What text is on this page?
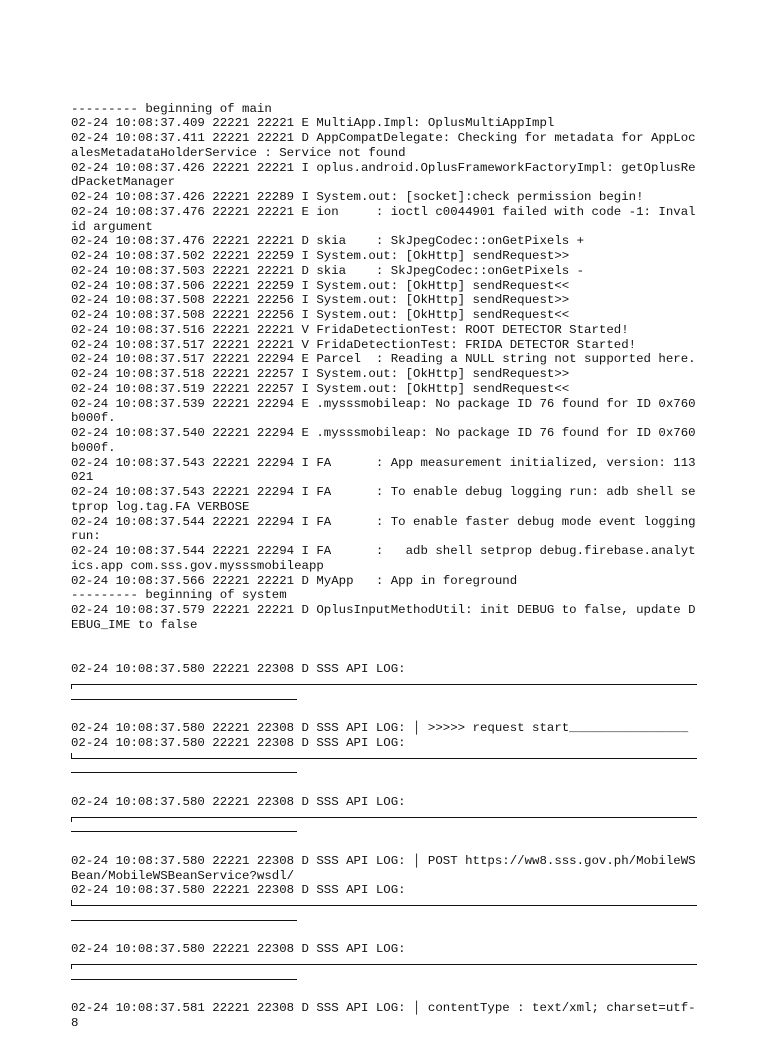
--------- beginning of main
02-24 10:08:37.409 22221 22221 E MultiApp.Impl: OplusMultiAppImpl
02-24 10:08:37.411 22221 22221 D AppCompatDelegate: Checking for metadata for AppLocalesMetadataHolderService : Service not found
02-24 10:08:37.426 22221 22221 I oplus.android.OplusFrameworkFactoryImpl: getOplusRedPacketManager
02-24 10:08:37.426 22221 22289 I System.out: [socket]:check permission begin!
02-24 10:08:37.476 22221 22221 E ion     : ioctl c0044901 failed with code -1: Invalid argument
02-24 10:08:37.476 22221 22221 D skia    : SkJpegCodec::onGetPixels +
02-24 10:08:37.502 22221 22259 I System.out: [OkHttp] sendRequest>>
02-24 10:08:37.503 22221 22221 D skia    : SkJpegCodec::onGetPixels -
02-24 10:08:37.506 22221 22259 I System.out: [OkHttp] sendRequest<<
02-24 10:08:37.508 22221 22256 I System.out: [OkHttp] sendRequest>>
02-24 10:08:37.508 22221 22256 I System.out: [OkHttp] sendRequest<<
02-24 10:08:37.516 22221 22221 V FridaDetectionTest: ROOT DETECTOR Started!
02-24 10:08:37.517 22221 22221 V FridaDetectionTest: FRIDA DETECTOR Started!
02-24 10:08:37.517 22221 22294 E Parcel  : Reading a NULL string not supported here.
02-24 10:08:37.518 22221 22257 I System.out: [OkHttp] sendRequest>>
02-24 10:08:37.519 22221 22257 I System.out: [OkHttp] sendRequest<<
02-24 10:08:37.539 22221 22294 E .mysssmobileap: No package ID 76 found for ID 0x760b000f.
02-24 10:08:37.540 22221 22294 E .mysssmobileap: No package ID 76 found for ID 0x760b000f.
02-24 10:08:37.543 22221 22294 I FA      : App measurement initialized, version: 113021
02-24 10:08:37.543 22221 22294 I FA      : To enable debug logging run: adb shell setprop log.tag.FA VERBOSE
02-24 10:08:37.544 22221 22294 I FA      : To enable faster debug mode event logging run:
02-24 10:08:37.544 22221 22294 I FA      :   adb shell setprop debug.firebase.analytics.app com.sss.gov.mysssmobileapp
02-24 10:08:37.566 22221 22221 D MyApp   : App in foreground
--------- beginning of system
02-24 10:08:37.579 22221 22221 D OplusInputMethodUtil: init DEBUG to false, update DEBUG_IME to false

02-24 10:08:37.580 22221 22308 D SSS API LOG:
02-24 10:08:37.580 22221 22308 D SSS API LOG: │ >>>>> request start________________
02-24 10:08:37.580 22221 22308 D SSS API LOG:
02-24 10:08:37.580 22221 22308 D SSS API LOG:
02-24 10:08:37.580 22221 22308 D SSS API LOG: │ POST https://ww8.sss.gov.ph/MobileWSBean/MobileWSBeanService?wsdl/
02-24 10:08:37.580 22221 22308 D SSS API LOG:
02-24 10:08:37.580 22221 22308 D SSS API LOG:
02-24 10:08:37.581 22221 22308 D SSS API LOG: │ contentType : text/xml; charset=utf-8
